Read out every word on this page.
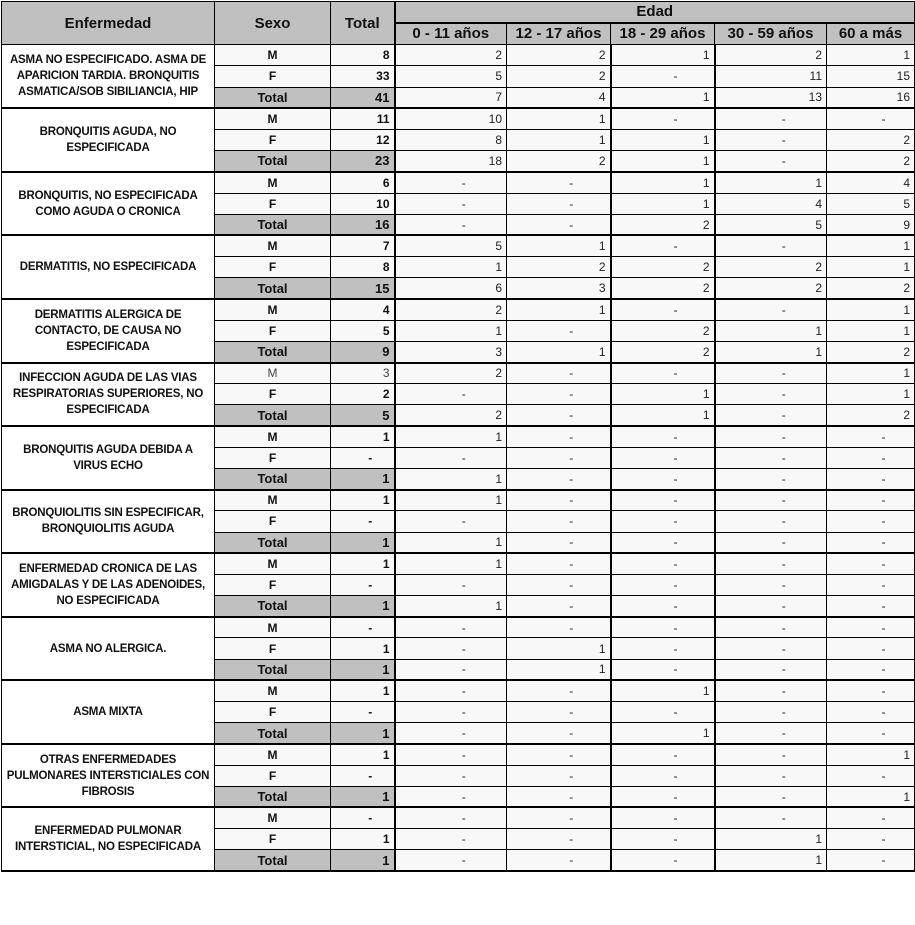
Enfermedad	Sexo	Total	Edad				
			0 - 11 años	12 - 17 años	18 - 29 años	30 - 59 años	60 a más
ASMA NO ESPECIFICADO. ASMA DE APARICION TARDIA. BRONQUITIS ASMATICA/SOB SIBILIANCIA, HIP	M	8	2	2	1	2	1
	F	33	5	2	-	11	15
	Total	41	7	4	1	13	16
BRONQUITIS AGUDA, NO ESPECIFICADA	M	11	10	1	-	-	-
	F	12	8	1	1	-	2
	Total	23	18	2	1	-	2
BRONQUITIS, NO ESPECIFICADA COMO AGUDA O CRONICA	M	6	-	-	1	1	4
	F	10	-	-	1	4	5
	Total	16	-	-	2	5	9
DERMATITIS, NO ESPECIFICADA	M	7	5	1	-	-	1
	F	8	1	2	2	2	1
	Total	15	6	3	2	2	2
DERMATITIS ALERGICA DE CONTACTO, DE CAUSA NO ESPECIFICADA	M	4	2	1	-	-	1
	F	5	1	-	2	1	1
	Total	9	3	1	2	1	2
INFECCION AGUDA DE LAS VIAS RESPIRATORIAS SUPERIORES, NO ESPECIFICADA	M	3	2	-	-	-	1
	F	2	-	-	1	-	1
	Total	5	2	-	1	-	2
BRONQUITIS AGUDA DEBIDA A VIRUS ECHO	M	1	1	-	-	-	-
	F	-	-	-	-	-	-
	Total	1	1	-	-	-	-
BRONQUIOLITIS SIN ESPECIFICAR, BRONQUIOLITIS AGUDA	M	1	1	-	-	-	-
	F	-	-	-	-	-	-
	Total	1	1	-	-	-	-
ENFERMEDAD CRONICA DE LAS AMIGDALAS Y DE LAS ADENOIDES, NO ESPECIFICADA	M	1	1	-	-	-	-
	F	-	-	-	-	-	-
	Total	1	1	-	-	-	-
ASMA NO ALERGICA.	M	-	-	-	-	-	-
	F	1	-	1	-	-	-
	Total	1	-	1	-	-	-
ASMA MIXTA	M	1	-	-	1	-	-
	F	-	-	-	-	-	-
	Total	1	-	-	1	-	-
OTRAS ENFERMEDADES PULMONARES INTERSTICIALES CON FIBROSIS	M	1	-	-	-	-	1
	F	-	-	-	-	-	-
	Total	1	-	-	-	-	1
ENFERMEDAD PULMONAR INTERSTICIAL, NO ESPECIFICADA	M	-	-	-	-	-	-
	F	1	-	-	-	1	-
	Total	1	-	-	-	1	-
